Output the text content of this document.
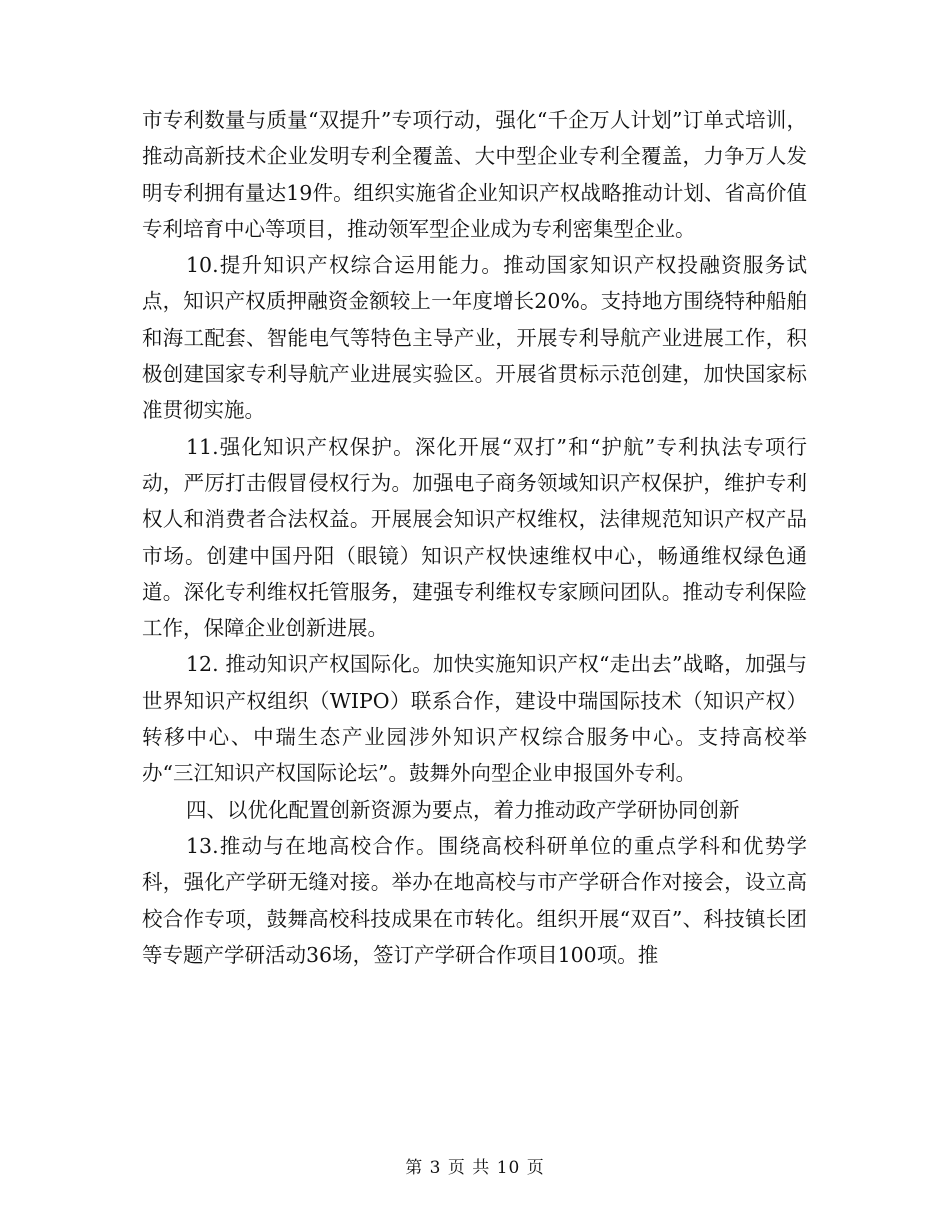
市专利数量与质量“双提升”专项行动，强化“千企万人计划”订单式培训，推动高新技术企业发明专利全覆盖、大中型企业专利全覆盖，力争万人发明专利拥有量达19件。组织实施省企业知识产权战略推动计划、省高价值专利培育中心等项目，推动领军型企业成为专利密集型企业。

10.提升知识产权综合运用能力。推动国家知识产权投融资服务试点，知识产权质押融资金额较上一年度增长20%。支持地方围绕特种船舶和海工配套、智能电气等特色主导产业，开展专利导航产业进展工作，积极创建国家专利导航产业进展实验区。开展省贯标示范创建，加快国家标准贯彻实施。

11.强化知识产权保护。深化开展“双打”和“护航”专利执法专项行动，严厉打击假冒侵权行为。加强电子商务领域知识产权保护，维护专利权人和消费者合法权益。开展展会知识产权维权，法律规范知识产权产品市场。创建中国丹阳（眼镜）知识产权快速维权中心，畅通维权绿色通道。深化专利维权托管服务，建强专利维权专家顾问团队。推动专利保险工作，保障企业创新进展。

12. 推动知识产权国际化。加快实施知识产权“走出去”战略，加强与世界知识产权组织（WIPO）联系合作，建设中瑞国际技术（知识产权）转移中心、中瑞生态产业园涉外知识产权综合服务中心。支持高校举办“三江知识产权国际论坛”。鼓舞外向型企业申报国外专利。

四、以优化配置创新资源为要点，着力推动政产学研协同创新

13.推动与在地高校合作。围绕高校科研单位的重点学科和优势学科，强化产学研无缝对接。举办在地高校与市产学研合作对接会，设立高校合作专项，鼓舞高校科技成果在市转化。组织开展“双百”、科技镇长团等专题产学研活动36场，签订产学研合作项目100项。推

第 3 页 共 10 页
